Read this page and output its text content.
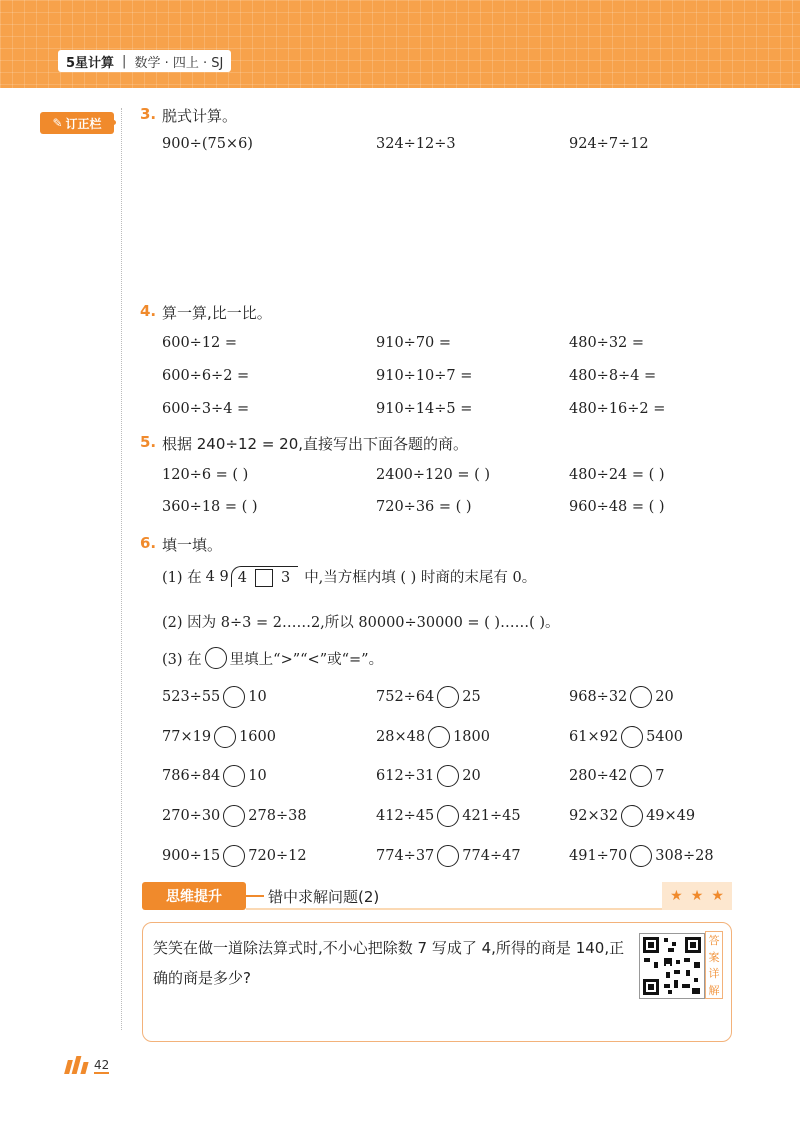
5星计算 | 数学 · 四上 · SJ
✎ 订正栏
3. 脱式计算。
900÷(75×6)	324÷12÷3	924÷7÷12
4. 算一算,比一比。
600÷12 =	910÷70 =	480÷32 =
600÷6÷2 =	910÷10÷7 =	480÷8÷4 =
600÷3÷4 =	910÷14÷5 =	480÷16÷2 =
5. 根据 240÷12 = 20,直接写出下面各题的商。
120÷6 = ( )	2400÷120 = ( )	480÷24 = ( )
360÷18 = ( )	720÷36 = ( )	960÷48 = ( )
6. 填一填。
(1) 在 4 9 4 3 中,当方框内填 ( ) 时商的末尾有 0。
(2) 因为 8÷3 = 2……2,所以 80000÷30000 = ( )……( )。
(3) 在 里填上“>”“<”或“=”。
523÷55 10	752÷64 25	968÷32 20
77×19 1600	28×48 1800	61×92 5400
786÷84 10	612÷31 20	280÷42 7
270÷30 278÷38	412÷45 421÷45	92×32 49×49
900÷15 720÷12	774÷37 774÷47	491÷70 308÷28
思维提升	错中求解问题(2)	★ ★ ★
笑笑在做一道除法算式时,不小心把除数 7 写成了 4,所得的商是 140,正确的商是多少?
答
案
详
解
42
